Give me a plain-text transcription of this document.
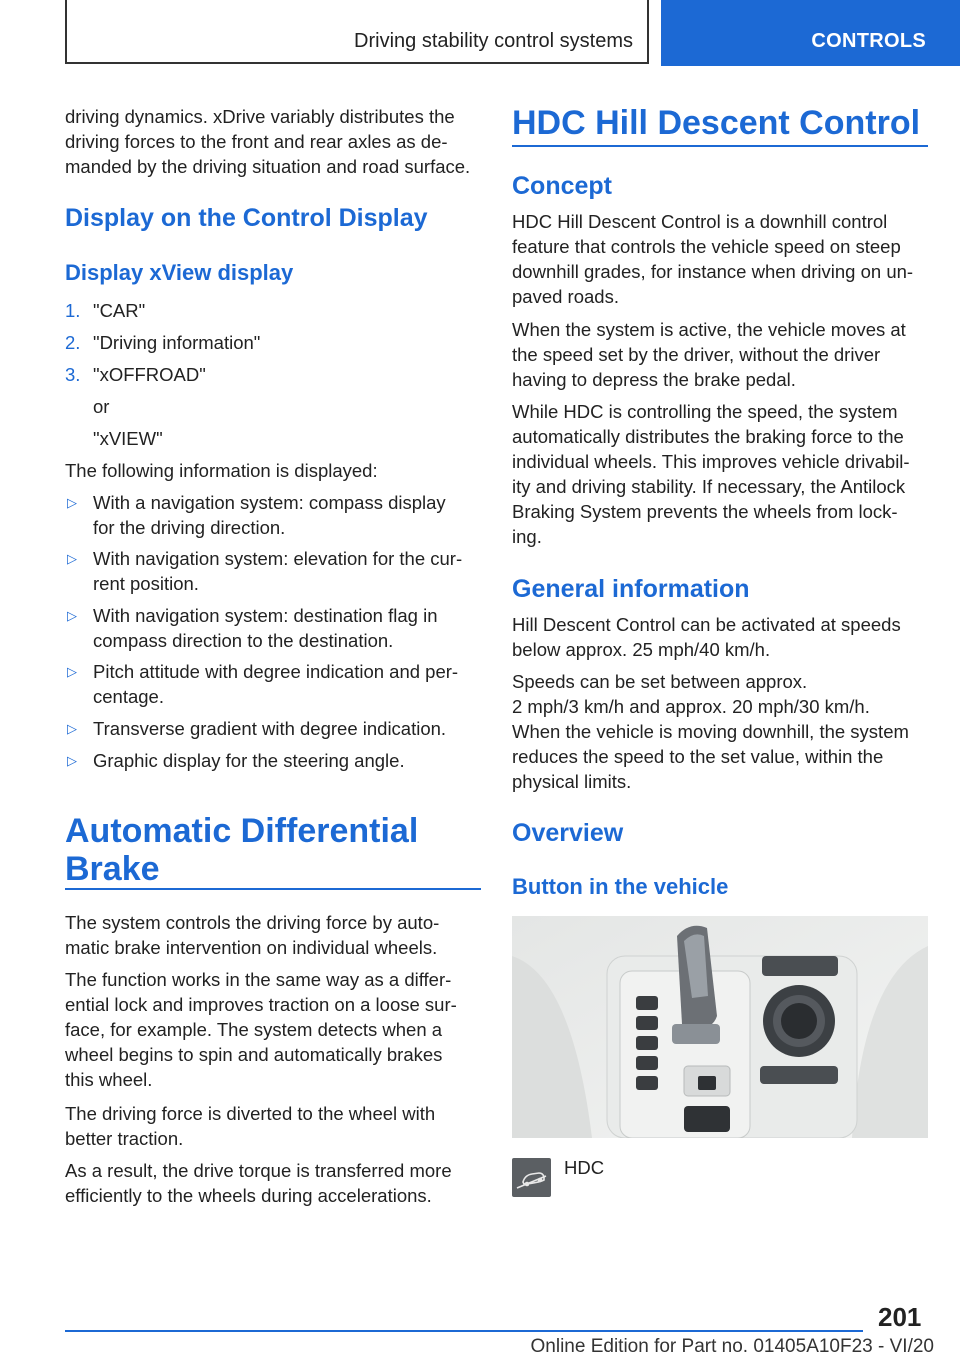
Driving stability control systems	CONTROLS
driving dynamics. xDrive variably distributes the
driving forces to the front and rear axles as de-
manded by the driving situation and road surface.
Display on the Control Display
Display xView display
1. "CAR"
2. "Driving information"
3. "xOFFROAD"
or
"xVIEW"
The following information is displayed:
▷ With a navigation system: compass display
for the driving direction.
▷ With navigation system: elevation for the cur-
rent position.
▷ With navigation system: destination flag in
compass direction to the destination.
▷ Pitch attitude with degree indication and per-
centage.
▷ Transverse gradient with degree indication.
▷ Graphic display for the steering angle.
Automatic Differential
Brake
The system controls the driving force by auto-
matic brake intervention on individual wheels.
The function works in the same way as a differ-
ential lock and improves traction on a loose sur-
face, for example. The system detects when a
wheel begins to spin and automatically brakes
this wheel.
The driving force is diverted to the wheel with
better traction.
As a result, the drive torque is transferred more
efficiently to the wheels during accelerations.
HDC Hill Descent Control
Concept
HDC Hill Descent Control is a downhill control
feature that controls the vehicle speed on steep
downhill grades, for instance when driving on un-
paved roads.
When the system is active, the vehicle moves at
the speed set by the driver, without the driver
having to depress the brake pedal.
While HDC is controlling the speed, the system
automatically distributes the braking force to the
individual wheels. This improves vehicle drivabil-
ity and driving stability. If necessary, the Antilock
Braking System prevents the wheels from lock-
ing.
General information
Hill Descent Control can be activated at speeds
below approx. 25 mph/40 km/h.
Speeds can be set between approx.
2 mph/3 km/h and approx. 20 mph/30 km/h.
When the vehicle is moving downhill, the system
reduces the speed to the set value, within the
physical limits.
Overview
Button in the vehicle
HDC
201
Online Edition for Part no. 01405A10F23 - VI/20
